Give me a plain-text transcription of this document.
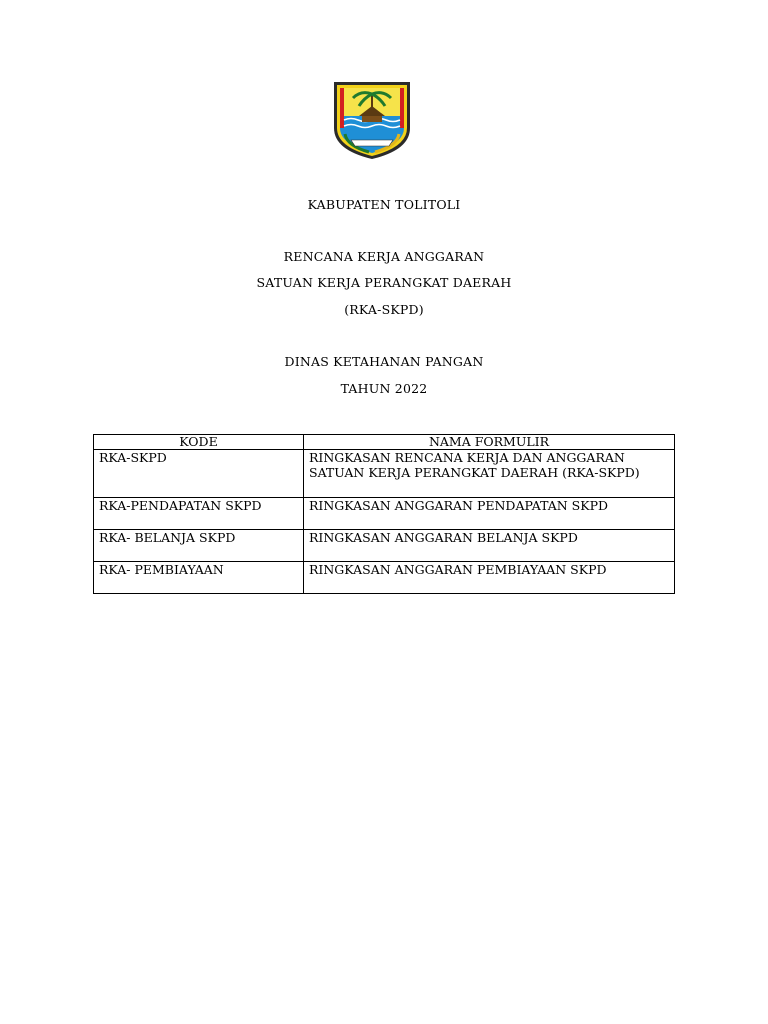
KABUPATEN TOLITOLI
RENCANA KERJA ANGGARAN
SATUAN KERJA PERANGKAT DAERAH
(RKA-SKPD)
DINAS KETAHANAN PANGAN
TAHUN 2022
KODE	NAMA FORMULIR
RKA-SKPD	RINGKASAN RENCANA KERJA DAN ANGGARAN
SATUAN KERJA PERANGKAT DAERAH (RKA-SKPD)

RKA-PENDAPATAN SKPD	RINGKASAN ANGGARAN PENDAPATAN SKPD
RKA- BELANJA SKPD	RINGKASAN ANGGARAN BELANJA SKPD
RKA- PEMBIAYAAN	RINGKASAN ANGGARAN PEMBIAYAAN SKPD
